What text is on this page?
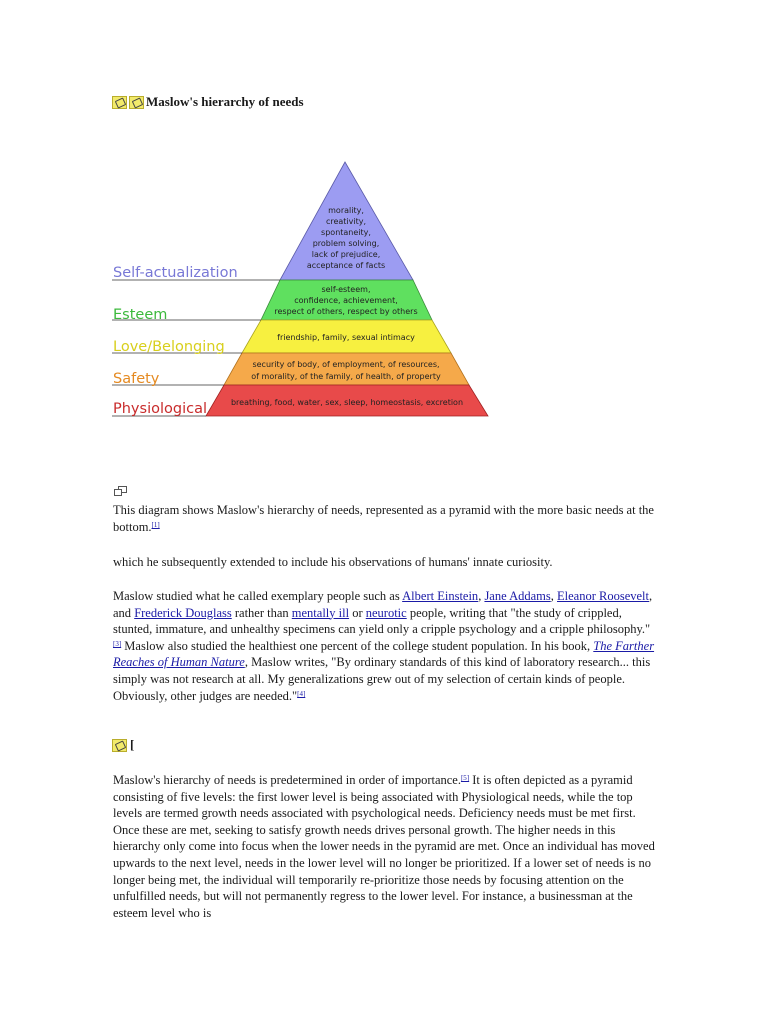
Maslow's hierarchy of needs
Self-actualization
Esteem
Love/Belonging
Safety
Physiological
morality,
creativity,
spontaneity,
problem solving,
lack of prejudice,
acceptance of facts
self-esteem,
confidence, achievement,
respect of others, respect by others
friendship, family, sexual intimacy
security of body, of employment, of resources,
of morality, of the family, of health, of property
breathing, food, water, sex, sleep, homeostasis, excretion

This diagram shows Maslow's hierarchy of needs, represented as a pyramid with the more basic needs at the bottom.[1]

which he subsequently extended to include his observations of humans' innate curiosity.

Maslow studied what he called exemplary people such as Albert Einstein, Jane Addams, Eleanor Roosevelt, and Frederick Douglass rather than mentally ill or neurotic people, writing that "the study of crippled, stunted, immature, and unhealthy specimens can yield only a cripple psychology and a cripple philosophy."[3] Maslow also studied the healthiest one percent of the college student population. In his book, The Farther Reaches of Human Nature, Maslow writes, "By ordinary standards of this kind of laboratory research... this simply was not research at all. My generalizations grew out of my selection of certain kinds of people. Obviously, other judges are needed."[4]

[

Maslow's hierarchy of needs is predetermined in order of importance.[5] It is often depicted as a pyramid consisting of five levels: the first lower level is being associated with Physiological needs, while the top levels are termed growth needs associated with psychological needs. Deficiency needs must be met first. Once these are met, seeking to satisfy growth needs drives personal growth. The higher needs in this hierarchy only come into focus when the lower needs in the pyramid are met. Once an individual has moved upwards to the next level, needs in the lower level will no longer be prioritized. If a lower set of needs is no longer being met, the individual will temporarily re-prioritize those needs by focusing attention on the unfulfilled needs, but will not permanently regress to the lower level. For instance, a businessman at the esteem level who is
